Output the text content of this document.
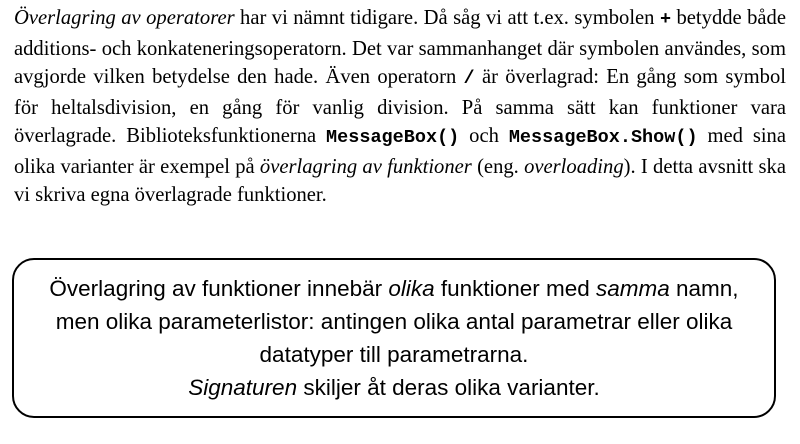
Överlagring av operatorer har vi nämnt tidigare. Då såg vi att t.ex. symbolen + betydde både additions- och konkateneringsoperatorn. Det var sammanhanget där symbolen användes, som avgjorde vilken betydelse den hade. Även operatorn / är överlagrad: En gång som symbol för heltalsdivision, en gång för vanlig division. På samma sätt kan funktioner vara överlagrade. Biblioteksfunktionerna MessageBox() och MessageBox.Show() med sina olika varianter är exempel på överlagring av funktioner (eng. overloading). I detta avsnitt ska vi skriva egna överlagrade funktioner.

Överlagring av funktioner innebär olika funktioner med samma namn,
men olika parameterlistor: antingen olika antal parametrar eller olika
datatyper till parametrarna.
Signaturen skiljer åt deras olika varianter.
